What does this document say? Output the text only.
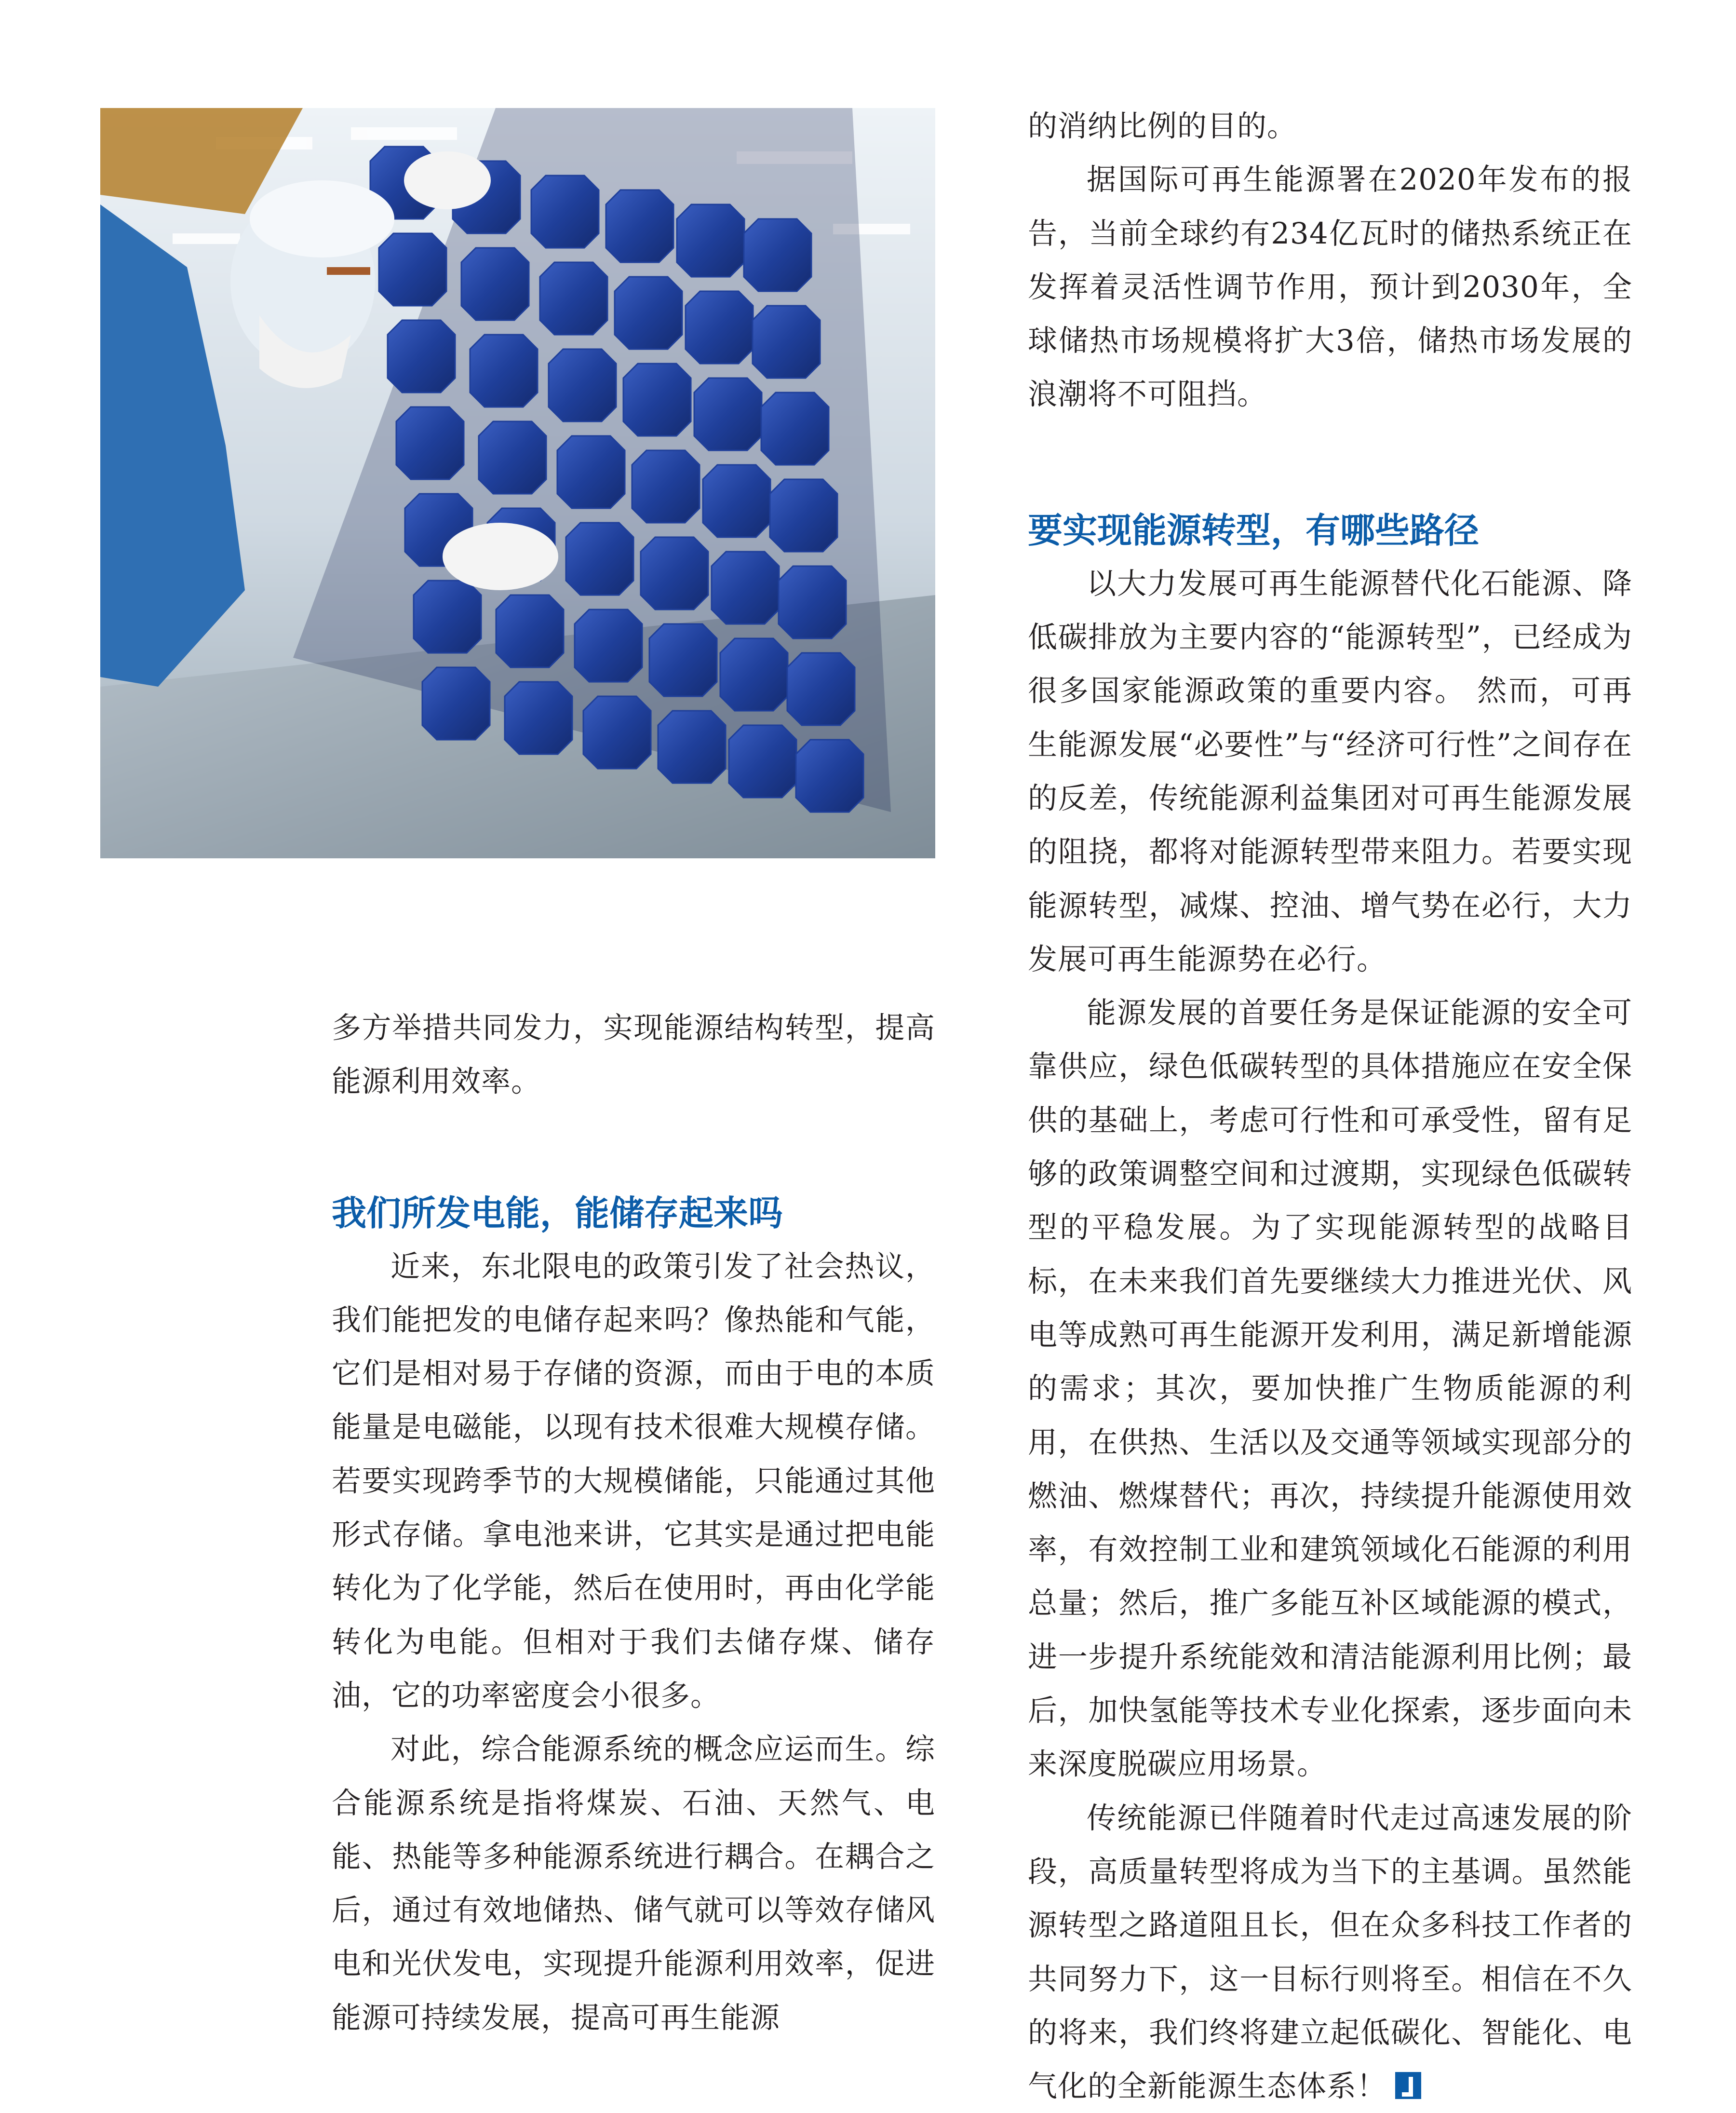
多方举措共同发力，实现能源结构转型，提高能源利用效率。

我们所发电能，能储存起来吗

近来，东北限电的政策引发了社会热议，我们能把发的电储存起来吗？像热能和气能，它们是相对易于存储的资源，而由于电的本质能量是电磁能，以现有技术很难大规模存储。若要实现跨季节的大规模储能，只能通过其他形式存储。拿电池来讲，它其实是通过把电能转化为了化学能，然后在使用时，再由化学能转化为电能。但相对于我们去储存煤、储存油，它的功率密度会小很多。

对此，综合能源系统的概念应运而生。综合能源系统是指将煤炭、石油、天然气、电能、热能等多种能源系统进行耦合。在耦合之后，通过有效地储热、储气就可以等效存储风电和光伏发电，实现提升能源利用效率，促进能源可持续发展，提高可再生能源

的消纳比例的目的。

据国际可再生能源署在2020年发布的报告，当前全球约有234亿瓦时的储热系统正在发挥着灵活性调节作用，预计到2030年，全球储热市场规模将扩大3倍，储热市场发展的浪潮将不可阻挡。

要实现能源转型，有哪些路径

以大力发展可再生能源替代化石能源、降低碳排放为主要内容的“能源转型”，已经成为很多国家能源政策的重要内容。 然而，可再生能源发展“必要性”与“经济可行性”之间存在的反差，传统能源利益集团对可再生能源发展的阻挠，都将对能源转型带来阻力。若要实现能源转型，减煤、控油、增气势在必行，大力发展可再生能源势在必行。

能源发展的首要任务是保证能源的安全可靠供应，绿色低碳转型的具体措施应在安全保供的基础上，考虑可行性和可承受性，留有足够的政策调整空间和过渡期，实现绿色低碳转型的平稳发展。为了实现能源转型的战略目标，在未来我们首先要继续大力推进光伏、风电等成熟可再生能源开发利用，满足新增能源的需求；其次，要加快推广生物质能源的利用，在供热、生活以及交通等领域实现部分的燃油、燃煤替代；再次，持续提升能源使用效率，有效控制工业和建筑领域化石能源的利用总量；然后，推广多能互补区域能源的模式，进一步提升系统能效和清洁能源利用比例；最后，加快氢能等技术专业化探索，逐步面向未来深度脱碳应用场景。

传统能源已伴随着时代走过高速发展的阶段，高质量转型将成为当下的主基调。虽然能源转型之路道阻且长，但在众多科技工作者的共同努力下，这一目标行则将至。相信在不久的将来，我们终将建立起低碳化、智能化、电气化的全新能源生态体系！
